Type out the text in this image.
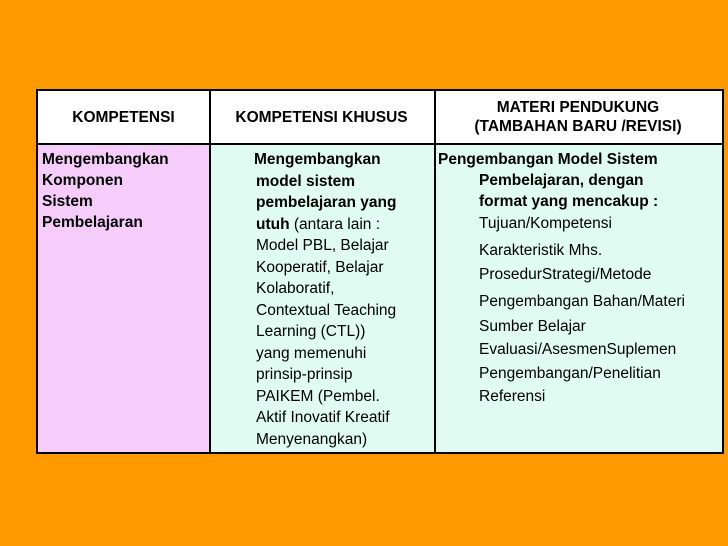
KOMPETENSI	KOMPETENSI KHUSUS
MATERI PENDUKUNG
(TAMBAHAN BARU /REVISI)
Mengembangkan
Komponen
Sistem
Pembelajaran
Mengembangkan
model sistem
pembelajaran yang
utuh (antara lain :
Model PBL, Belajar
Kooperatif, Belajar
Kolaboratif,
Contextual Teaching
Learning (CTL))
yang memenuhi
prinsip-prinsip
PAIKEM (Pembel.
Aktif Inovatif Kreatif
Menyenangkan)
Pengembangan Model Sistem
Pembelajaran, dengan
format yang mencakup :
Tujuan/Kompetensi
Karakteristik Mhs.
ProsedurStrategi/Metode
Pengembangan Bahan/Materi
Sumber Belajar
Evaluasi/AsesmenSuplemen
Pengembangan/Penelitian
Referensi
